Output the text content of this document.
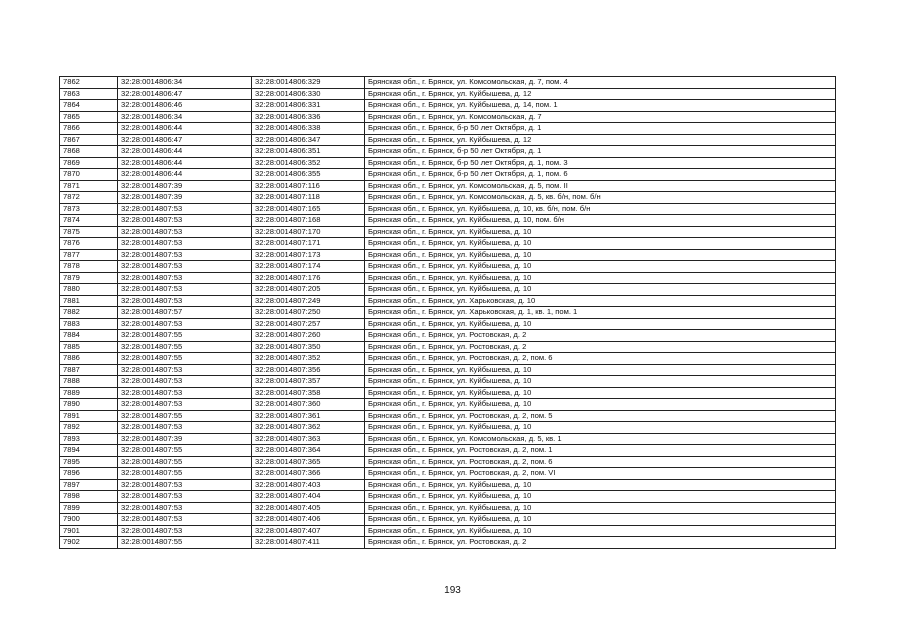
7862	32:28:0014806:34	32:28:0014806:329	Брянская обл., г. Брянск, ул. Комсомольская, д. 7, пом. 4
7863	32:28:0014806:47	32:28:0014806:330	Брянская обл., г. Брянск, ул. Куйбышева, д. 12
7864	32:28:0014806:46	32:28:0014806:331	Брянская обл., г. Брянск, ул. Куйбышева, д. 14, пом. 1
7865	32:28:0014806:34	32:28:0014806:336	Брянская обл., г. Брянск, ул. Комсомольская, д. 7
7866	32:28:0014806:44	32:28:0014806:338	Брянская обл., г. Брянск, б-р 50 лет Октября, д. 1
7867	32:28:0014806:47	32:28:0014806:347	Брянская обл., г. Брянск, ул. Куйбышева, д. 12
7868	32:28:0014806:44	32:28:0014806:351	Брянская обл., г. Брянск, б-р 50 лет Октября, д. 1
7869	32:28:0014806:44	32:28:0014806:352	Брянская обл., г. Брянск, б-р 50 лет Октября, д. 1, пом. 3
7870	32:28:0014806:44	32:28:0014806:355	Брянская обл., г. Брянск, б-р 50 лет Октября, д. 1, пом. 6
7871	32:28:0014807:39	32:28:0014807:116	Брянская обл., г. Брянск, ул. Комсомольская, д. 5, пом. II
7872	32:28:0014807:39	32:28:0014807:118	Брянская обл., г. Брянск, ул. Комсомольская, д. 5, кв. б/н, пом. б/н
7873	32:28:0014807:53	32:28:0014807:165	Брянская обл., г. Брянск, ул. Куйбышева, д. 10, кв. б/н, пом. б/н
7874	32:28:0014807:53	32:28:0014807:168	Брянская обл., г. Брянск, ул. Куйбышева, д. 10, пом. б/н
7875	32:28:0014807:53	32:28:0014807:170	Брянская обл., г. Брянск, ул. Куйбышева, д. 10
7876	32:28:0014807:53	32:28:0014807:171	Брянская обл., г. Брянск, ул. Куйбышева, д. 10
7877	32:28:0014807:53	32:28:0014807:173	Брянская обл., г. Брянск, ул. Куйбышева, д. 10
7878	32:28:0014807:53	32:28:0014807:174	Брянская обл., г. Брянск, ул. Куйбышева, д. 10
7879	32:28:0014807:53	32:28:0014807:176	Брянская обл., г. Брянск, ул. Куйбышева, д. 10
7880	32:28:0014807:53	32:28:0014807:205	Брянская обл., г. Брянск, ул. Куйбышева, д. 10
7881	32:28:0014807:53	32:28:0014807:249	Брянская обл., г. Брянск, ул. Харьковская, д. 10
7882	32:28:0014807:57	32:28:0014807:250	Брянская обл., г. Брянск, ул. Харьковская, д. 1, кв. 1, пом. 1
7883	32:28:0014807:53	32:28:0014807:257	Брянская обл., г. Брянск, ул. Куйбышева, д. 10
7884	32:28:0014807:55	32:28:0014807:260	Брянская обл., г. Брянск, ул. Ростовская, д. 2
7885	32:28:0014807:55	32:28:0014807:350	Брянская обл., г. Брянск, ул. Ростовская, д. 2
7886	32:28:0014807:55	32:28:0014807:352	Брянская обл., г. Брянск, ул. Ростовская, д. 2, пом. 6
7887	32:28:0014807:53	32:28:0014807:356	Брянская обл., г. Брянск, ул. Куйбышева, д. 10
7888	32:28:0014807:53	32:28:0014807:357	Брянская обл., г. Брянск, ул. Куйбышева, д. 10
7889	32:28:0014807:53	32:28:0014807:358	Брянская обл., г. Брянск, ул. Куйбышева, д. 10
7890	32:28:0014807:53	32:28:0014807:360	Брянская обл., г. Брянск, ул. Куйбышева, д. 10
7891	32:28:0014807:55	32:28:0014807:361	Брянская обл., г. Брянск, ул. Ростовская, д. 2, пом. 5
7892	32:28:0014807:53	32:28:0014807:362	Брянская обл., г. Брянск, ул. Куйбышева, д. 10
7893	32:28:0014807:39	32:28:0014807:363	Брянская обл., г. Брянск, ул. Комсомольская, д. 5, кв. 1
7894	32:28:0014807:55	32:28:0014807:364	Брянская обл., г. Брянск, ул. Ростовская, д. 2, пом. 1
7895	32:28:0014807:55	32:28:0014807:365	Брянская обл., г. Брянск, ул. Ростовская, д. 2, пом. 6
7896	32:28:0014807:55	32:28:0014807:366	Брянская обл., г. Брянск, ул. Ростовская, д. 2, пом. VI
7897	32:28:0014807:53	32:28:0014807:403	Брянская обл., г. Брянск, ул. Куйбышева, д. 10
7898	32:28:0014807:53	32:28:0014807:404	Брянская обл., г. Брянск, ул. Куйбышева, д. 10
7899	32:28:0014807:53	32:28:0014807:405	Брянская обл., г. Брянск, ул. Куйбышева, д. 10
7900	32:28:0014807:53	32:28:0014807:406	Брянская обл., г. Брянск, ул. Куйбышева, д. 10
7901	32:28:0014807:53	32:28:0014807:407	Брянская обл., г. Брянск, ул. Куйбышева, д. 10
7902	32:28:0014807:55	32:28:0014807:411	Брянская обл., г. Брянск, ул. Ростовская, д. 2
193
